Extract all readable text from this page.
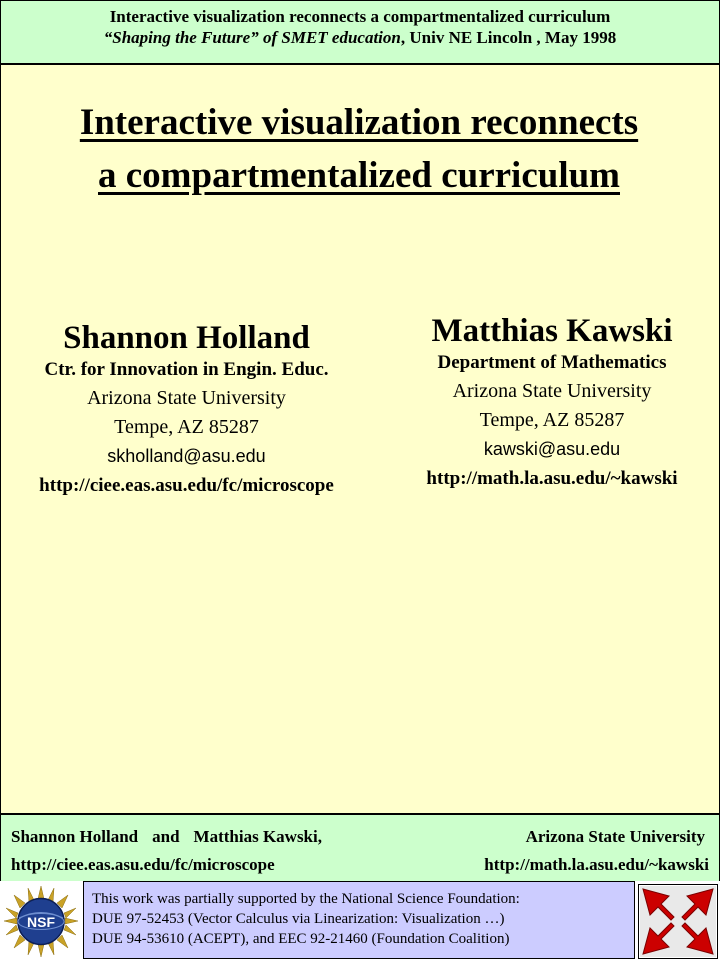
Interactive visualization reconnects a compartmentalized curriculum
“Shaping the Future” of SMET education, Univ NE Lincoln , May 1998
Interactive visualization reconnects
a compartmentalized curriculum
Shannon Holland
Ctr. for Innovation in Engin. Educ.
Arizona State University
Tempe, AZ 85287
skholland@asu.edu
http://ciee.eas.asu.edu/fc/microscope
Matthias Kawski
Department of Mathematics
Arizona State University
Tempe, AZ 85287
kawski@asu.edu
http://math.la.asu.edu/~kawski
Shannon Holland and Matthias Kawski,	Arizona State University
http://ciee.eas.asu.edu/fc/microscope	http://math.la.asu.edu/~kawski
NSF
This work was partially supported by the National Science Foundation:
DUE 97-52453 (Vector Calculus via Linearization: Visualization …)
DUE 94-53610 (ACEPT), and EEC 92-21460 (Foundation Coalition)
